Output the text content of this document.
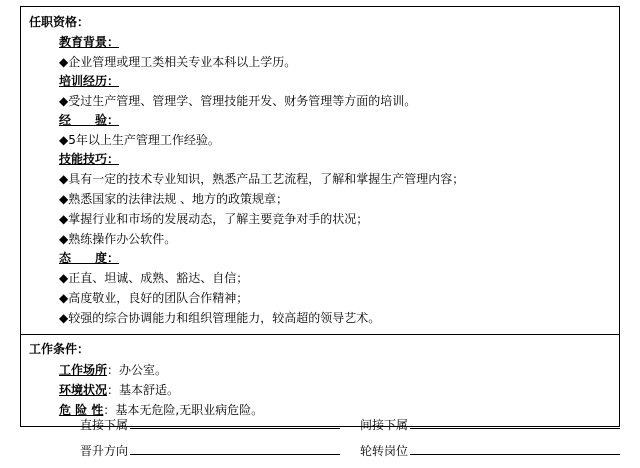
任职资格：
教育背景：
◆企业管理或理工类相关专业本科以上学历。
培训经历：
◆受过生产管理、管理学、管理技能开发、财务管理等方面的培训。
经　　验：
◆5年以上生产管理工作经验。
技能技巧：
◆具有一定的技术专业知识，熟悉产品工艺流程，了解和掌握生产管理内容；
◆熟悉国家的法律法规 、地方的政策规章；
◆掌握行业和市场的发展动态，了解主要竞争对手的状况；
◆熟练操作办公软件。
态　　度：
◆正直、坦诚、成熟、豁达、自信；
◆高度敬业，良好的团队合作精神；
◆较强的综合协调能力和组织管理能力，较高超的领导艺术。

工作条件：
工作场所：办公室。
环境状况：基本舒适。
危 险 性：基本无危险,无职业病危险。
直接下属	间接下属
晋升方向	轮转岗位
